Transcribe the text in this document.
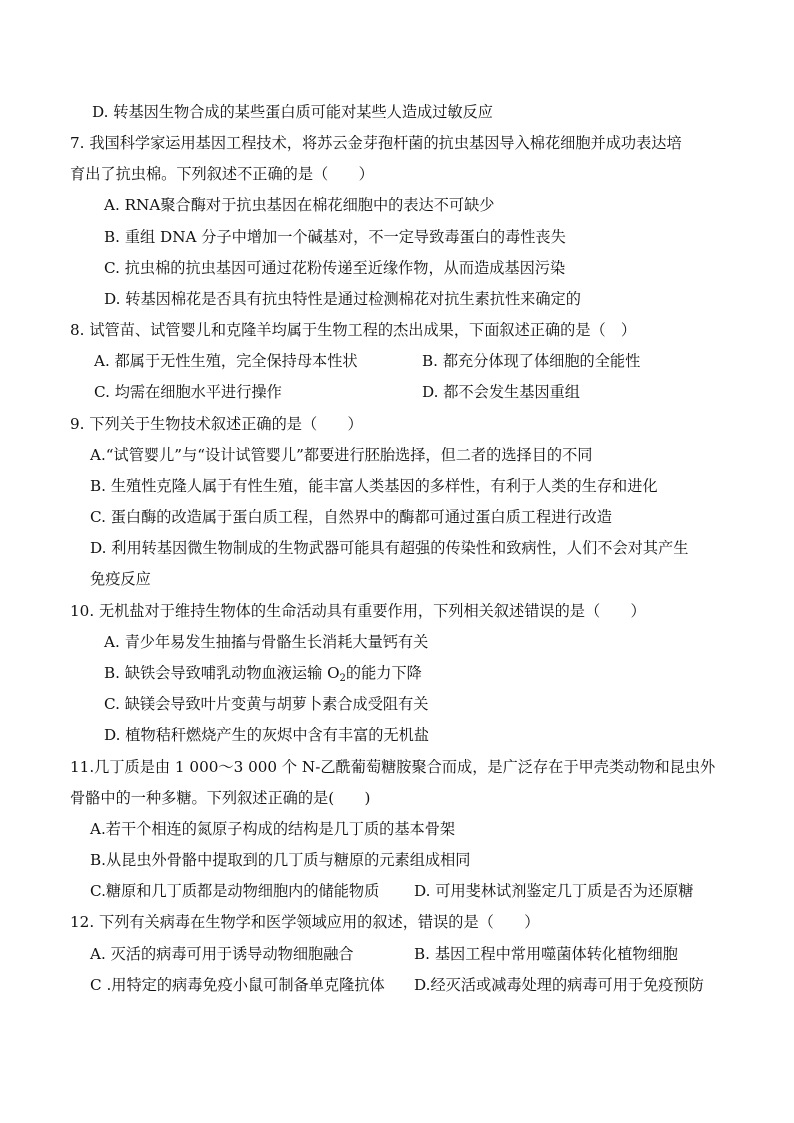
D. 转基因生物合成的某些蛋白质可能对某些人造成过敏反应
7. 我国科学家运用基因工程技术，将苏云金芽孢杆菌的抗虫基因导入棉花细胞并成功表达培
育出了抗虫棉。下列叙述不正确的是（　　）
A. RNA聚合酶对于抗虫基因在棉花细胞中的表达不可缺少
B. 重组 DNA 分子中增加一个碱基对，不一定导致毒蛋白的毒性丧失
C. 抗虫棉的抗虫基因可通过花粉传递至近缘作物，从而造成基因污染
D. 转基因棉花是否具有抗虫特性是通过检测棉花对抗生素抗性来确定的
8. 试管苗、试管婴儿和克隆羊均属于生物工程的杰出成果，下面叙述正确的是（　）
A. 都属于无性生殖，完全保持母本性状	B. 都充分体现了体细胞的全能性
C. 均需在细胞水平进行操作	D. 都不会发生基因重组
9. 下列关于生物技术叙述正确的是（　　）
A.“试管婴儿”与“设计试管婴儿”都要进行胚胎选择，但二者的选择目的不同
B. 生殖性克隆人属于有性生殖，能丰富人类基因的多样性，有利于人类的生存和进化
C. 蛋白酶的改造属于蛋白质工程，自然界中的酶都可通过蛋白质工程进行改造
D. 利用转基因微生物制成的生物武器可能具有超强的传染性和致病性，人们不会对其产生
免疫反应
10. 无机盐对于维持生物体的生命活动具有重要作用，下列相关叙述错误的是（　　）
A. 青少年易发生抽搐与骨骼生长消耗大量钙有关
B. 缺铁会导致哺乳动物血液运输 $O_2$的能力下降
C. 缺镁会导致叶片变黄与胡萝卜素合成受阻有关
D. 植物秸秆燃烧产生的灰烬中含有丰富的无机盐
11.几丁质是由 1 000～3 000 个 N-乙酰葡萄糖胺聚合而成，是广泛存在于甲壳类动物和昆虫外
骨骼中的一种多糖。下列叙述正确的是(　　)
A.若干个相连的氮原子构成的结构是几丁质的基本骨架
B.从昆虫外骨骼中提取到的几丁质与糖原的元素组成相同
C.糖原和几丁质都是动物细胞内的储能物质 D. 可用斐林试剂鉴定几丁质是否为还原糖
12. 下列有关病毒在生物学和医学领域应用的叙述，错误的是（　　）
A. 灭活的病毒可用于诱导动物细胞融合	B. 基因工程中常用噬菌体转化植物细胞
C .用特定的病毒免疫小鼠可制备单克隆抗体 D.经灭活或减毒处理的病毒可用于免疫预防
